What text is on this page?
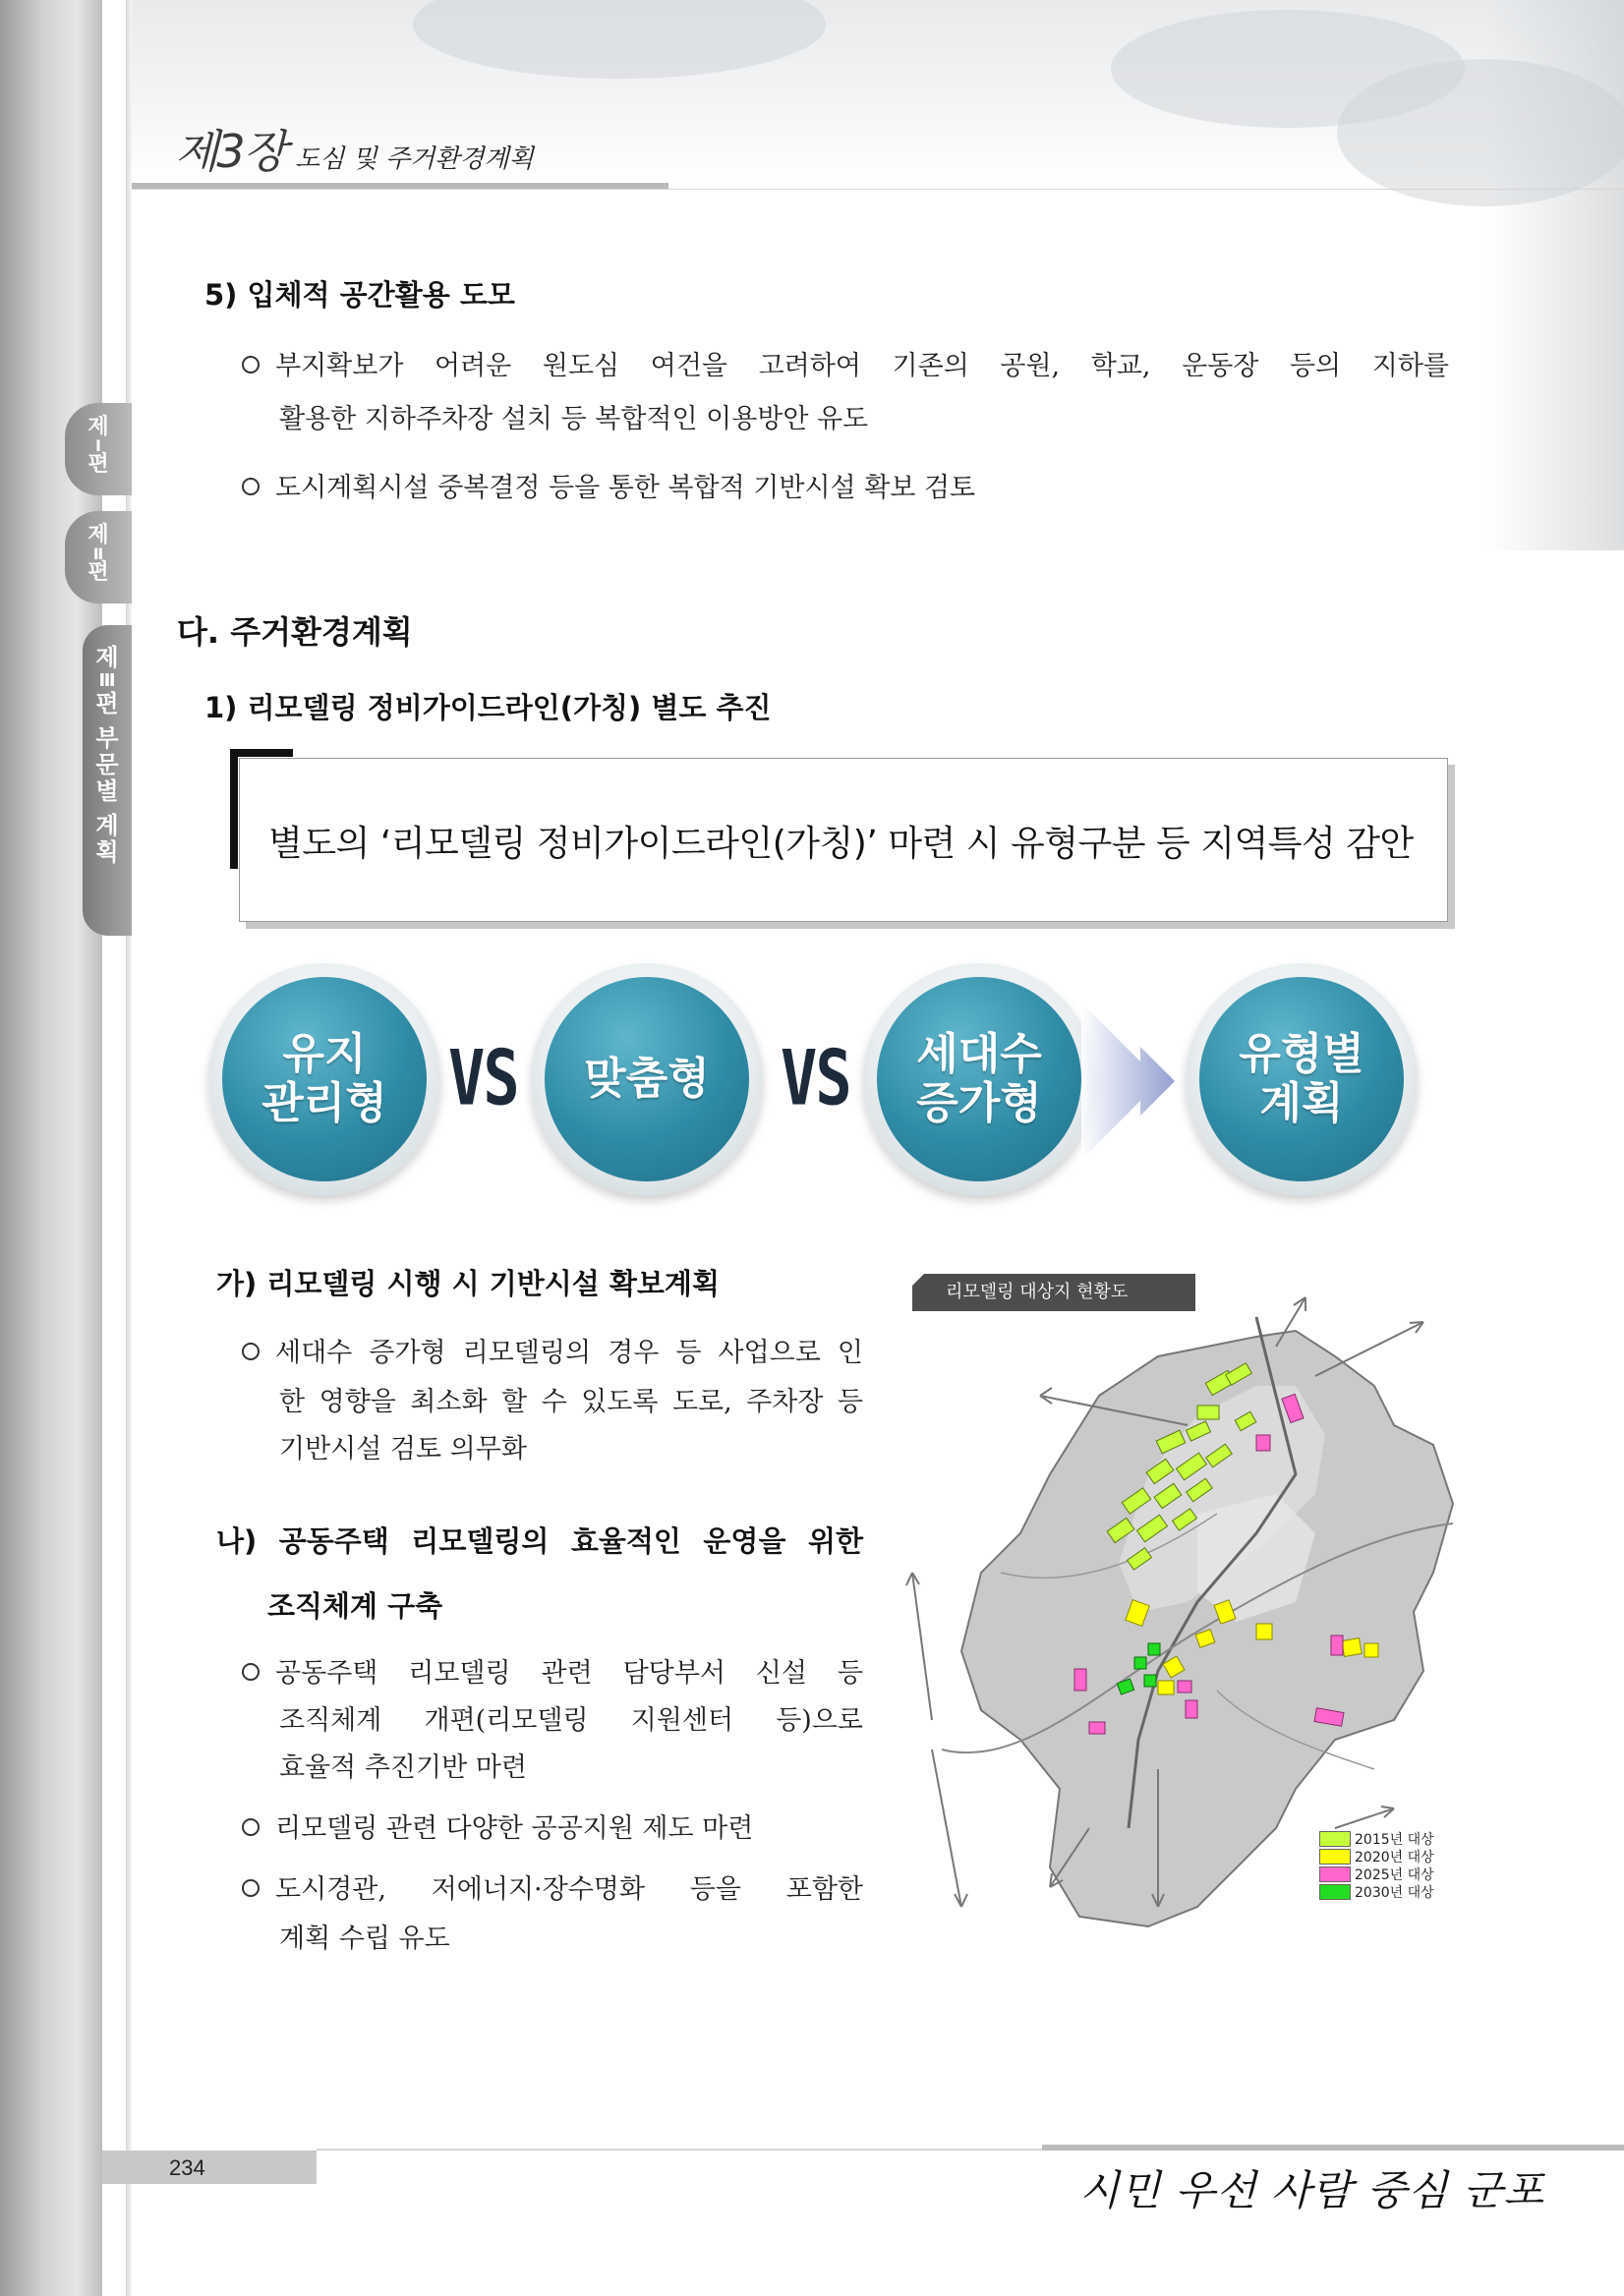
제3장 도심 및 주거환경계획
제
Ⅰ
편
제
Ⅱ
편
제
Ⅲ
편
부
문
별
계
획
5) 입체적 공간활용 도모
부지확보가 어려운 원도심 여건을 고려하여 기존의 공원, 학교, 운동장 등의 지하를
활용한 지하주차장 설치 등 복합적인 이용방안 유도
도시계획시설 중복결정 등을 통한 복합적 기반시설 확보 검토
다. 주거환경계획
1) 리모델링 정비가이드라인(가칭) 별도 추진
별도의 ‘리모델링 정비가이드라인(가칭)’ 마련 시 유형구분 등 지역특성 감안
유지
관리형 VS 맞춤형 VS 세대수
증가형
유형별
계획
가) 리모델링 시행 시 기반시설 확보계획
세대수 증가형 리모델링의 경우 등 사업으로 인
한 영향을 최소화 할 수 있도록 도로, 주차장 등
기반시설 검토 의무화
나) 공동주택 리모델링의 효율적인 운영을 위한
조직체계 구축
공동주택 리모델링 관련 담당부서 신설 등
조직체계 개편(리모델링 지원센터 등)으로
효율적 추진기반 마련
리모델링 관련 다양한 공공지원 제도 마련
도시경관, 저에너지·장수명화 등을 포함한
계획 수립 유도
리모델링 대상지 현황도
2015년 대상
2020년 대상
2025년 대상
2030년 대상
234	시민 우선 사람 중심 군포
